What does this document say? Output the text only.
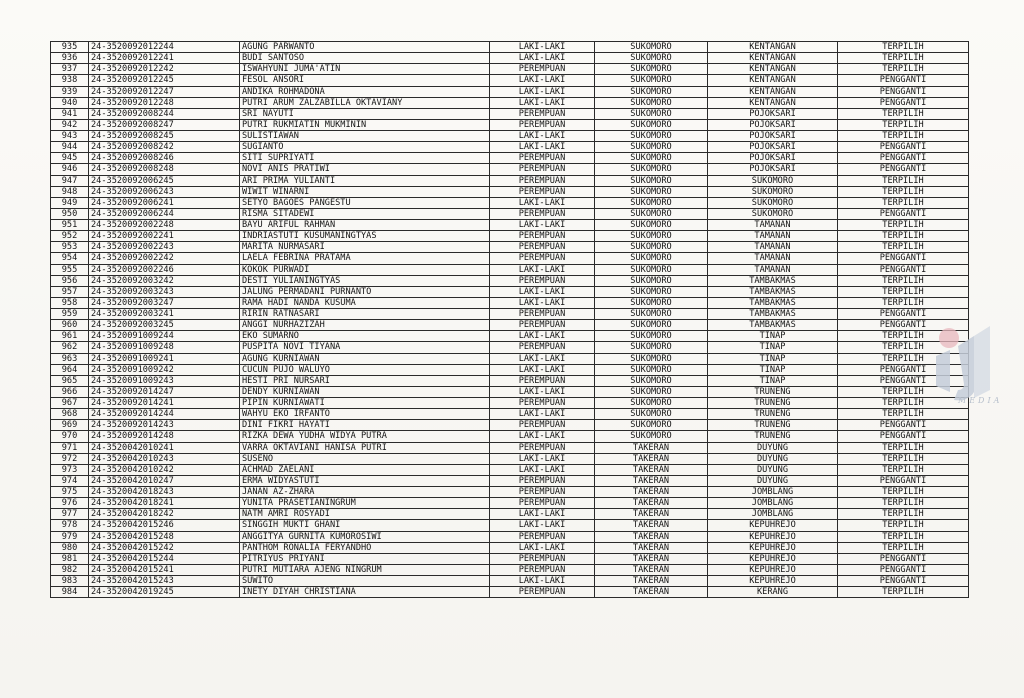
935	24-3520092012244	AGUNG PARWANTO	LAKI-LAKI	SUKOMORO	KENTANGAN	TERPILIH
936	24-3520092012241	BUDI SANTOSO	LAKI-LAKI	SUKOMORO	KENTANGAN	TERPILIH
937	24-3520092012242	ISWAHYUNI JUMA'ATIN	PEREMPUAN	SUKOMORO	KENTANGAN	TERPILIH
938	24-3520092012245	FESOL ANSORI	LAKI-LAKI	SUKOMORO	KENTANGAN	PENGGANTI
939	24-3520092012247	ANDIKA ROHMADONA	LAKI-LAKI	SUKOMORO	KENTANGAN	PENGGANTI
940	24-3520092012248	PUTRI ARUM ZALZABILLA OKTAVIANY	LAKI-LAKI	SUKOMORO	KENTANGAN	PENGGANTI
941	24-3520092008244	SRI NAYUTI	PEREMPUAN	SUKOMORO	POJOKSARI	TERPILIH
942	24-3520092008247	PUTRI RUKMIATIN MUKMININ	PEREMPUAN	SUKOMORO	POJOKSARI	TERPILIH
943	24-3520092008245	SULISTIAWAN	LAKI-LAKI	SUKOMORO	POJOKSARI	TERPILIH
944	24-3520092008242	SUGIANTO	LAKI-LAKI	SUKOMORO	POJOKSARI	PENGGANTI
945	24-3520092008246	SITI SUPRIYATI	PEREMPUAN	SUKOMORO	POJOKSARI	PENGGANTI
946	24-3520092008248	NOVI ANIS PRATIWI	PEREMPUAN	SUKOMORO	POJOKSARI	PENGGANTI
947	24-3520092006245	ARI PRIMA YULIANTI	PEREMPUAN	SUKOMORO	SUKOMORO	TERPILIH
948	24-3520092006243	WIWIT WINARNI	PEREMPUAN	SUKOMORO	SUKOMORO	TERPILIH
949	24-3520092006241	SETYO BAGOES PANGESTU	LAKI-LAKI	SUKOMORO	SUKOMORO	TERPILIH
950	24-3520092006244	RISMA SITADEWI	PEREMPUAN	SUKOMORO	SUKOMORO	PENGGANTI
951	24-3520092002248	BAYU ARIFUL RAHMAN	LAKI-LAKI	SUKOMORO	TAMANAN	TERPILIH
952	24-3520092002241	INDRIASTUTI KUSUMANINGTYAS	PEREMPUAN	SUKOMORO	TAMANAN	TERPILIH
953	24-3520092002243	MARITA NURMASARI	PEREMPUAN	SUKOMORO	TAMANAN	TERPILIH
954	24-3520092002242	LAELA FEBRINA PRATAMA	PEREMPUAN	SUKOMORO	TAMANAN	PENGGANTI
955	24-3520092002246	KOKOK PURWADI	LAKI-LAKI	SUKOMORO	TAMANAN	PENGGANTI
956	24-3520092003242	DESTI YULIANINGTYAS	PEREMPUAN	SUKOMORO	TAMBAKMAS	TERPILIH
957	24-3520092003243	JALUNG PERMADANI PURNANTO	LAKI-LAKI	SUKOMORO	TAMBAKMAS	TERPILIH
958	24-3520092003247	RAMA HADI NANDA KUSUMA	LAKI-LAKI	SUKOMORO	TAMBAKMAS	TERPILIH
959	24-3520092003241	RIRIN RATNASARI	PEREMPUAN	SUKOMORO	TAMBAKMAS	PENGGANTI
960	24-3520092003245	ANGGI NURHAZIZAH	PEREMPUAN	SUKOMORO	TAMBAKMAS	PENGGANTI
961	24-3520091009244	EKO SUMARNO	LAKI-LAKI	SUKOMORO	TINAP	TERPILIH
962	24-3520091009248	PUSPITA NOVI TIYANA	PEREMPUAN	SUKOMORO	TINAP	TERPILIH
963	24-3520091009241	AGUNG KURNIAWAN	LAKI-LAKI	SUKOMORO	TINAP	TERPILIH
964	24-3520091009242	CUCUN PUJO WALUYO	LAKI-LAKI	SUKOMORO	TINAP	PENGGANTI
965	24-3520091009243	HESTI PRI NURSARI	PEREMPUAN	SUKOMORO	TINAP	PENGGANTI
966	24-3520092014247	DENDY KURNIAWAN	LAKI-LAKI	SUKOMORO	TRUNENG	TERPILIH
967	24-3520092014241	PIPIN KURNIAWATI	PEREMPUAN	SUKOMORO	TRUNENG	TERPILIH
968	24-3520092014244	WAHYU EKO IRFANTO	LAKI-LAKI	SUKOMORO	TRUNENG	TERPILIH
969	24-3520092014243	DINI FIKRI HAYATI	PEREMPUAN	SUKOMORO	TRUNENG	PENGGANTI
970	24-3520092014248	RIZKA DEWA YUDHA WIDYA PUTRA	LAKI-LAKI	SUKOMORO	TRUNENG	PENGGANTI
971	24-3520042010241	VARRA OKTAVIANI HANISA PUTRI	PEREMPUAN	TAKERAN	DUYUNG	TERPILIH
972	24-3520042010243	SUSENO	LAKI-LAKI	TAKERAN	DUYUNG	TERPILIH
973	24-3520042010242	ACHMAD ZAELANI	LAKI-LAKI	TAKERAN	DUYUNG	TERPILIH
974	24-3520042010247	ERMA WIDYASTUTI	PEREMPUAN	TAKERAN	DUYUNG	PENGGANTI
975	24-3520042018243	JANAN AZ-ZHARA	PEREMPUAN	TAKERAN	JOMBLANG	TERPILIH
976	24-3520042018241	YUNITA PRASETIANINGRUM	PEREMPUAN	TAKERAN	JOMBLANG	TERPILIH
977	24-3520042018242	NATM AMRI ROSYADI	LAKI-LAKI	TAKERAN	JOMBLANG	TERPILIH
978	24-3520042015246	SINGGIH MUKTI GHANI	LAKI-LAKI	TAKERAN	KEPUHREJO	TERPILIH
979	24-3520042015248	ANGGITYA GURNITA KUMOROSIWI	PEREMPUAN	TAKERAN	KEPUHREJO	TERPILIH
980	24-3520042015242	PANTHOM RONALIA FERYANDHO	LAKI-LAKI	TAKERAN	KEPUHREJO	TERPILIH
981	24-3520042015244	PITRIYUS PRIYANI	PEREMPUAN	TAKERAN	KEPUHREJO	PENGGANTI
982	24-3520042015241	PUTRI MUTIARA AJENG NINGRUM	PEREMPUAN	TAKERAN	KEPUHREJO	PENGGANTI
983	24-3520042015243	SUWITO	LAKI-LAKI	TAKERAN	KEPUHREJO	PENGGANTI
984	24-3520042019245	INETY DIYAH CHRISTIANA	PEREMPUAN	TAKERAN	KERANG	TERPILIH
MEDIA
